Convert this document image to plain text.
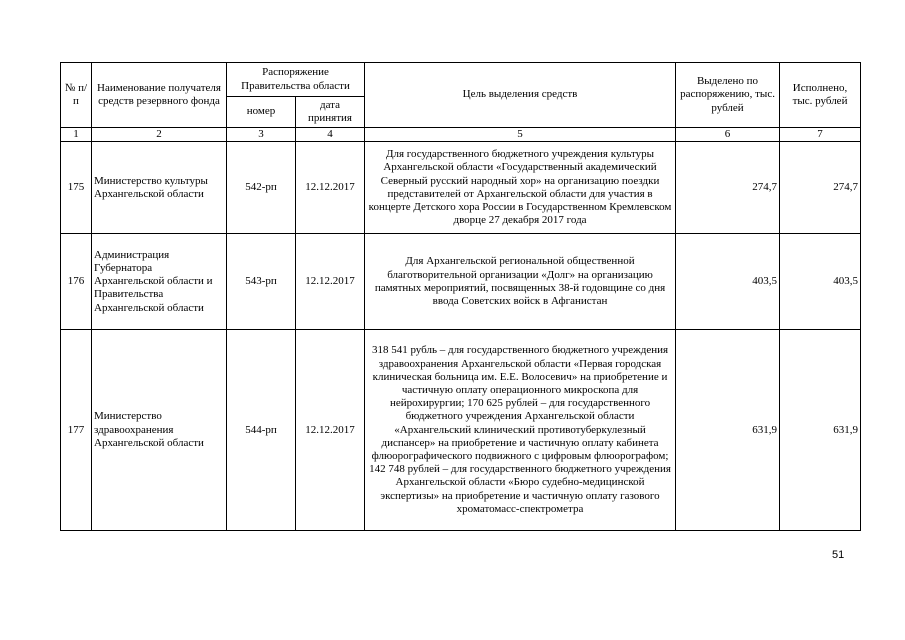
№ п/п	Наименование получателя средств резервного фонда	Распоряжение Правительства области		Цель выделения средств	Выделено по распоряжению, тыс. рублей	Исполнено, тыс. рублей
		номер	дата принятия			
1	2	3	4	5	6	7
175	Министерство культуры Архангельской области	542-рп	12.12.2017	Для государственного бюджетного учреждения культуры Архангельской области «Государственный академический Северный русский народный хор» на организацию поездки представителей от Архангельской области для участия в концерте Детского хора России в Государственном Кремлевском дворце 27 декабря 2017 года	274,7	274,7
176	Администрация Губернатора Архангельской области и Правительства Архангельской области	543-рп	12.12.2017	Для Архангельской региональной общественной благотворительной организации «Долг» на организацию памятных мероприятий, посвященных 38-й годовщине со дня ввода Советских войск в Афганистан	403,5	403,5
177	Министерство здравоохранения Архангельской области	544-рп	12.12.2017	318 541 рубль – для государственного бюджетного учреждения здравоохранения Архангельской области «Первая городская клиническая больница им. Е.Е. Волосевич» на приобретение и частичную оплату операционного микроскопа для нейрохирургии; 170 625 рублей – для государственного бюджетного учреждения Архангельской области «Архангельский клинический противотуберкулезный диспансер» на приобретение и частичную оплату кабинета флюорографического подвижного с цифровым флюорографом; 142 748 рублей – для государственного бюджетного учреждения Архангельской области «Бюро судебно-медицинской экспертизы» на приобретение и частичную оплату газового хроматомасс-спектрометра	631,9	631,9
51
